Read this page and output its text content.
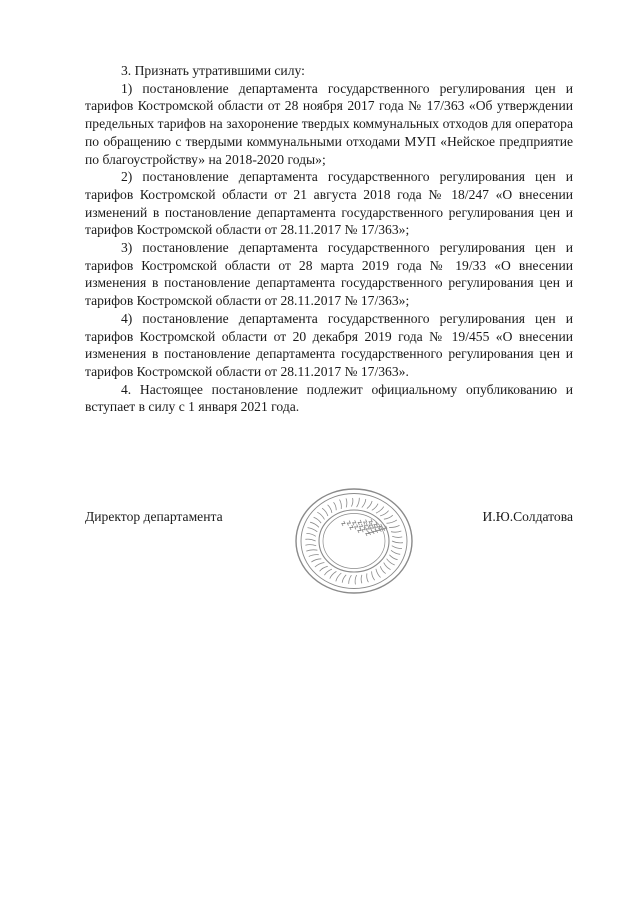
3. Признать утратившими силу:

1) постановление департамента государственного регулирования цен и тарифов Костромской области от 28 ноября 2017 года № 17/363 «Об утверждении предельных тарифов на захоронение твердых коммунальных отходов для оператора по обращению с твердыми коммунальными отходами МУП «Нейское предприятие по благоустройству» на 2018-2020 годы»;

2) постановление департамента государственного регулирования цен и тарифов Костромской области от 21 августа 2018 года № 18/247 «О внесении изменений в постановление департамента государственного регулирования цен и тарифов Костромской области от 28.11.2017 № 17/363»;

3) постановление департамента государственного регулирования цен и тарифов Костромской области от 28 марта 2019 года № 19/33 «О внесении изменения в постановление департамента государственного регулирования цен и тарифов Костромской области от 28.11.2017 № 17/363»;

4) постановление департамента государственного регулирования цен и тарифов Костромской области от 20 декабря 2019 года № 19/455 «О внесении изменения в постановление департамента государственного регулирования цен и тарифов Костромской области от 28.11.2017 № 17/363».

4. Настоящее постановление подлежит официальному опубликованию и вступает в силу с 1 января 2021 года.

Директор департамента	И.Ю.Солдатова
